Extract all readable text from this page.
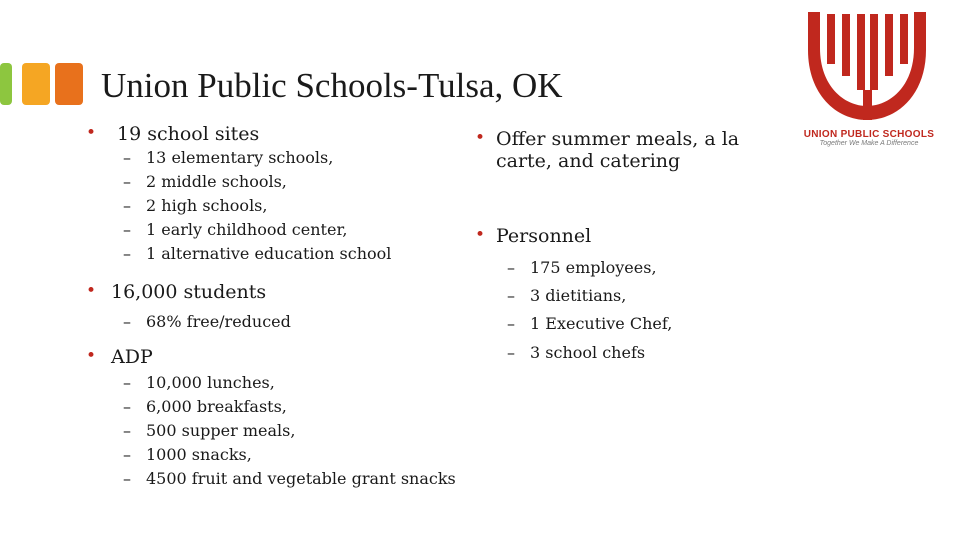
Union Public Schools-Tulsa, OK
UNION PUBLIC SCHOOLS
Together We Make A Difference
• 19 school sites
– 13 elementary schools,
– 2 middle schools,
– 2 high schools,
– 1 early childhood center,
– 1 alternative education school
• 16,000 students
– 68% free/reduced
• ADP
– 10,000 lunches,
– 6,000 breakfasts,
– 500 supper meals,
– 1000 snacks,
– 4500 fruit and vegetable grant snacks
• Offer summer meals, a la carte, and catering
• Personnel
– 175 employees,
– 3 dietitians,
– 1 Executive Chef,
– 3 school chefs
